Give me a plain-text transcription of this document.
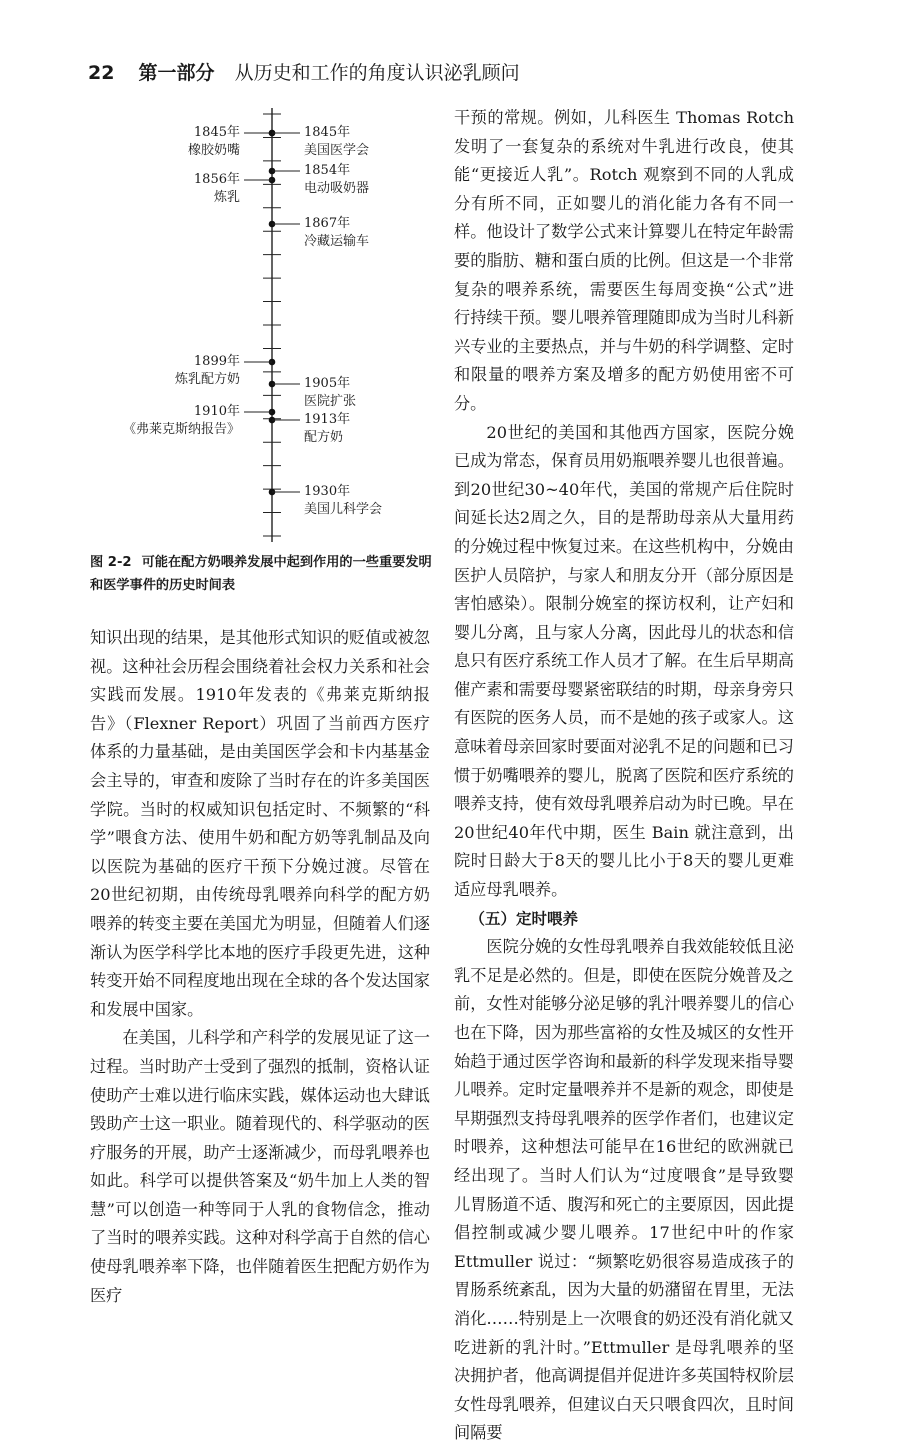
22 第一部分 从历史和工作的角度认识泌乳顾问
1845年
橡胶奶嘴
1845年
美国医学会
1854年
电动吸奶器
1856年
炼乳
1867年
冷藏运输车
1899年
炼乳配方奶	1905年
医院扩张
1910年
《弗莱克斯纳报告》
1913年
配方奶
1930年
美国儿科学会
图 2-2 可能在配方奶喂养发展中起到作用的一些重要发明和医学事件的历史时间表

知识出现的结果，是其他形式知识的贬值或被忽视。这种社会历程会围绕着社会权力关系和社会实践而发展。1910年发表的《弗莱克斯纳报告》（Flexner Report）巩固了当前西方医疗体系的力量基础，是由美国医学会和卡内基基金会主导的，审查和废除了当时存在的许多美国医学院。当时的权威知识包括定时、不频繁的“科学”喂食方法、使用牛奶和配方奶等乳制品及向以医院为基础的医疗干预下分娩过渡。尽管在20世纪初期，由传统母乳喂养向科学的配方奶喂养的转变主要在美国尤为明显，但随着人们逐渐认为医学科学比本地的医疗手段更先进，这种转变开始不同程度地出现在全球的各个发达国家和发展中国家。

在美国，儿科学和产科学的发展见证了这一过程。当时助产士受到了强烈的抵制，资格认证使助产士难以进行临床实践，媒体运动也大肆诋毁助产士这一职业。随着现代的、科学驱动的医疗服务的开展，助产士逐渐减少，而母乳喂养也如此。科学可以提供答案及“奶牛加上人类的智慧”可以创造一种等同于人乳的食物信念，推动了当时的喂养实践。这种对科学高于自然的信心使母乳喂养率下降，也伴随着医生把配方奶作为医疗

干预的常规。例如，儿科医生 Thomas Rotch 发明了一套复杂的系统对牛乳进行改良，使其能“更接近人乳”。Rotch 观察到不同的人乳成分有所不同，正如婴儿的消化能力各有不同一样。他设计了数学公式来计算婴儿在特定年龄需要的脂肪、糖和蛋白质的比例。但这是一个非常复杂的喂养系统，需要医生每周变换“公式”进行持续干预。婴儿喂养管理随即成为当时儿科新兴专业的主要热点，并与牛奶的科学调整、定时和限量的喂养方案及增多的配方奶使用密不可分。

20世纪的美国和其他西方国家，医院分娩已成为常态，保育员用奶瓶喂养婴儿也很普遍。到20世纪30~40年代，美国的常规产后住院时间延长达2周之久，目的是帮助母亲从大量用药的分娩过程中恢复过来。在这些机构中，分娩由医护人员陪护，与家人和朋友分开（部分原因是害怕感染）。限制分娩室的探访权利，让产妇和婴儿分离，且与家人分离，因此母儿的状态和信息只有医疗系统工作人员才了解。在生后早期高催产素和需要母婴紧密联结的时期，母亲身旁只有医院的医务人员，而不是她的孩子或家人。这意味着母亲回家时要面对泌乳不足的问题和已习惯于奶嘴喂养的婴儿，脱离了医院和医疗系统的喂养支持，使有效母乳喂养启动为时已晚。早在20世纪40年代中期，医生 Bain 就注意到，出院时日龄大于8天的婴儿比小于8天的婴儿更难适应母乳喂养。

（五）定时喂养

医院分娩的女性母乳喂养自我效能较低且泌乳不足是必然的。但是，即使在医院分娩普及之前，女性对能够分泌足够的乳汁喂养婴儿的信心也在下降，因为那些富裕的女性及城区的女性开始趋于通过医学咨询和最新的科学发现来指导婴儿喂养。定时定量喂养并不是新的观念，即使是早期强烈支持母乳喂养的医学作者们，也建议定时喂养，这种想法可能早在16世纪的欧洲就已经出现了。当时人们认为“过度喂食”是导致婴儿胃肠道不适、腹泻和死亡的主要原因，因此提倡控制或减少婴儿喂养。17世纪中叶的作家 Ettmuller 说过：“频繁吃奶很容易造成孩子的胃肠系统紊乱，因为大量的奶潴留在胃里，无法消化……特别是上一次喂食的奶还没有消化就又吃进新的乳汁时。”Ettmuller 是母乳喂养的坚决拥护者，他高调提倡并促进许多英国特权阶层女性母乳喂养，但建议白天只喂食四次，且时间间隔要
